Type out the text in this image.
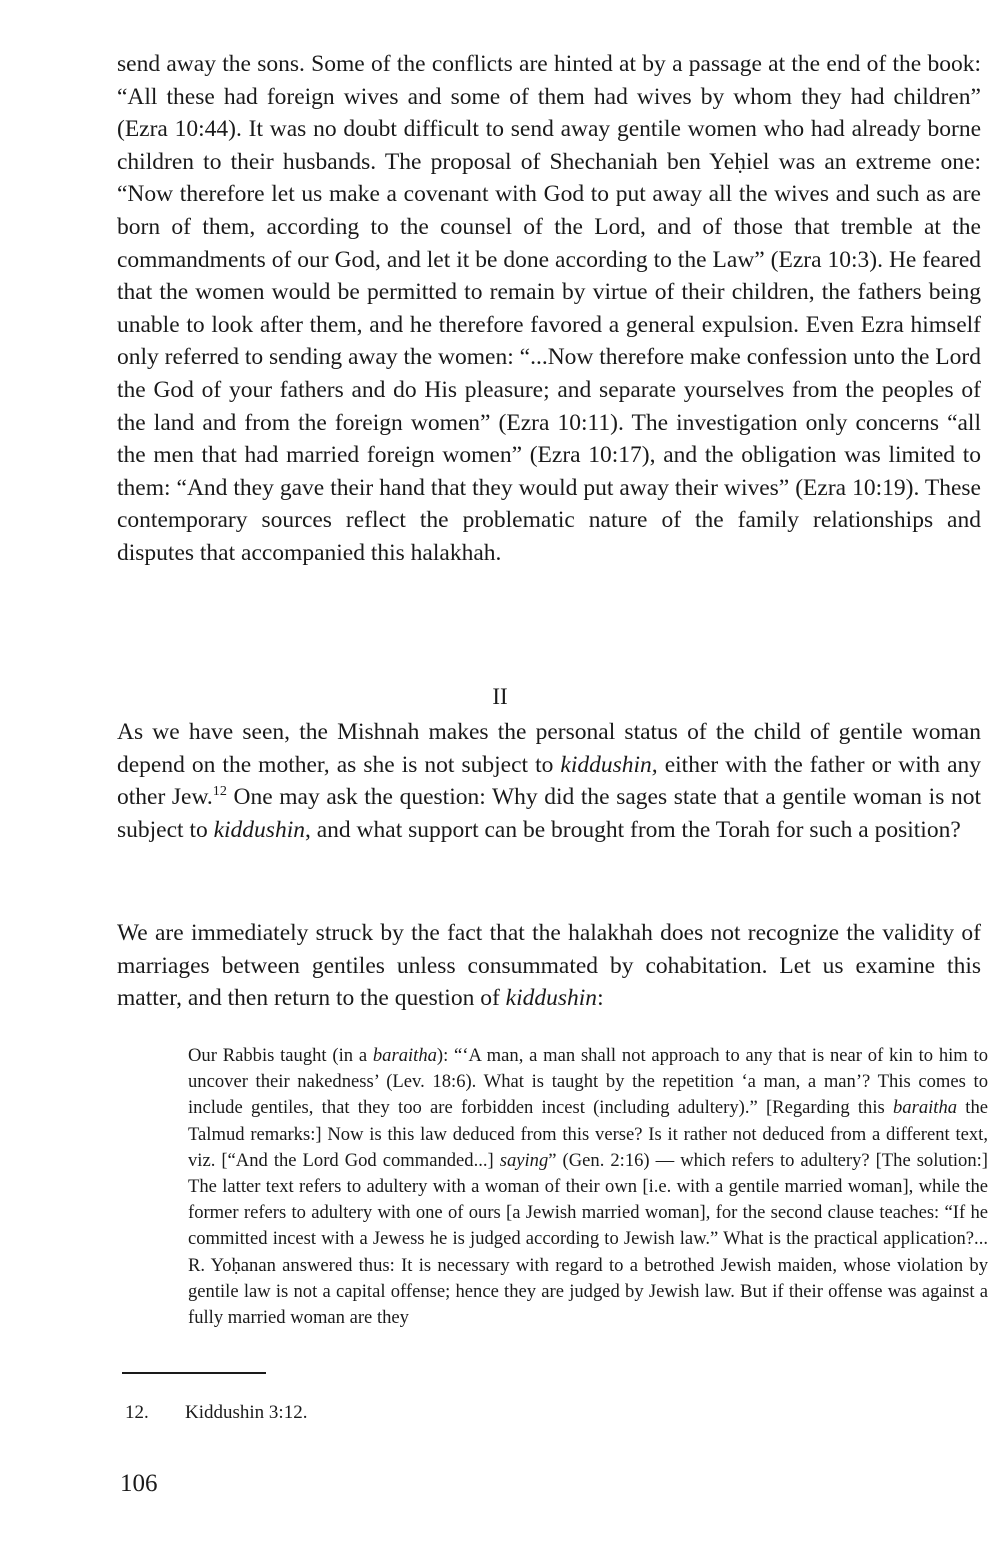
send away the sons. Some of the conflicts are hinted at by a passage at the end of the book: “All these had foreign wives and some of them had wives by whom they had children” (Ezra 10:44). It was no doubt difficult to send away gentile women who had already borne children to their husbands. The proposal of Shechaniah ben Yeḥiel was an extreme one: “Now therefore let us make a covenant with God to put away all the wives and such as are born of them, according to the counsel of the Lord, and of those that tremble at the commandments of our God, and let it be done according to the Law” (Ezra 10:3). He feared that the women would be permitted to remain by virtue of their children, the fathers being unable to look after them, and he therefore favored a general expulsion. Even Ezra himself only referred to sending away the women: “...Now therefore make confession unto the Lord the God of your fathers and do His pleasure; and separate yourselves from the peoples of the land and from the foreign women” (Ezra 10:11). The investigation only concerns “all the men that had married foreign women” (Ezra 10:17), and the obligation was limited to them: “And they gave their hand that they would put away their wives” (Ezra 10:19). These contemporary sources reflect the problematic nature of the family relationships and disputes that accompanied this halakhah.

II

As we have seen, the Mishnah makes the personal status of the child of gentile woman depend on the mother, as she is not subject to kiddushin, either with the father or with any other Jew.$^{12}$ One may ask the question: Why did the sages state that a gentile woman is not subject to kiddushin, and what support can be brought from the Torah for such a position?

We are immediately struck by the fact that the halakhah does not recognize the validity of marriages between gentiles unless consummated by cohabitation. Let us examine this matter, and then return to the question of kiddushin:

Our Rabbis taught (in a baraitha): “‘A man, a man shall not approach to any that is near of kin to him to uncover their nakedness’ (Lev. 18:6). What is taught by the repetition ‘a man, a man’? This comes to include gentiles, that they too are forbidden incest (including adultery).” [Regarding this baraitha the Talmud remarks:] Now is this law deduced from this verse? Is it rather not deduced from a different text, viz. [“And the Lord God commanded...] saying” (Gen. 2:16) — which refers to adultery? [The solution:] The latter text refers to adultery with a woman of their own [i.e. with a gentile married woman], while the former refers to adultery with one of ours [a Jewish married woman], for the second clause teaches: “If he committed incest with a Jewess he is judged according to Jewish law.” What is the practical application?... R. Yoḥanan answered thus: It is necessary with regard to a betrothed Jewish maiden, whose violation by gentile law is not a capital offense; hence they are judged by Jewish law. But if their offense was against a fully married woman are they

12. Kiddushin 3:12.

106
